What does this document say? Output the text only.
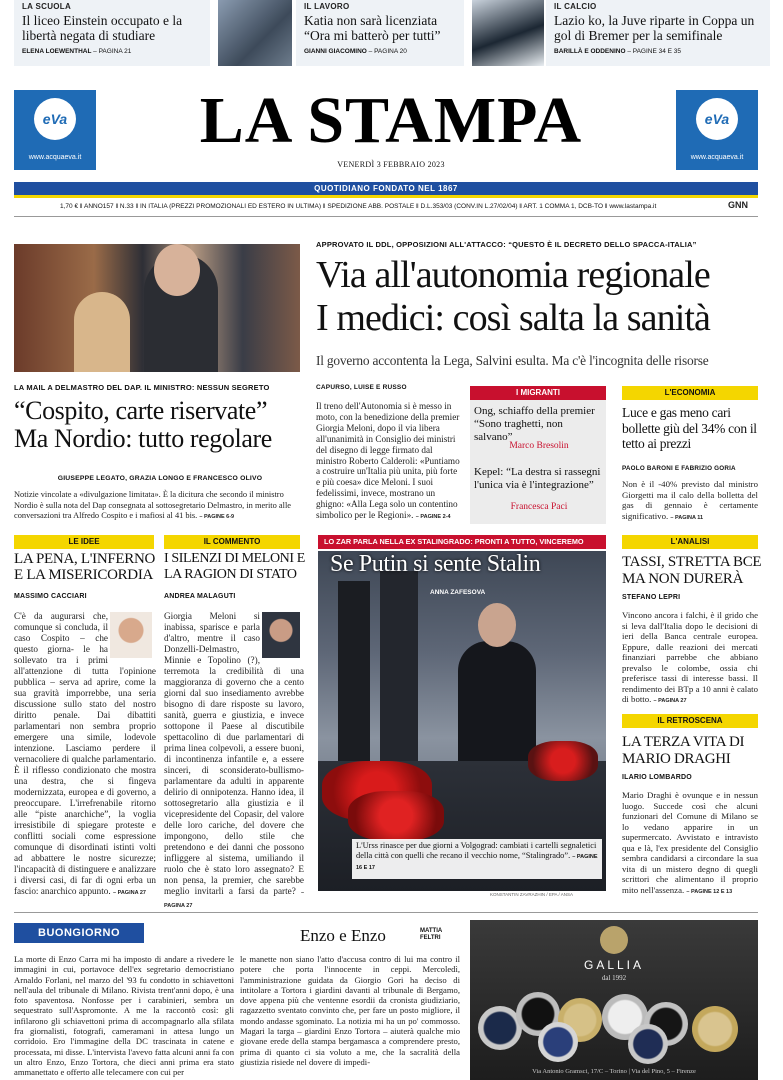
LA SCUOLA
Il liceo Einstein occupato e la libertà negata di studiare
ELENA LOEWENTHAL – PAGINA 21
IL LAVORO
Katia non sarà licenziata “Ora mi batterò per tutti”
GIANNI GIACOMINO – PAGINA 20
IL CALCIO
Lazio ko, la Juve riparte in Coppa un gol di Bremer per la semifinale
BARILLÀ E ODDENINO – PAGINE 34 E 35
eVa
www.acquaeva.it
LA STAMPA
VENERDÌ 3 FEBBRAIO 2023
eVa
www.acquaeva.it
QUOTIDIANO FONDATO NEL 1867
1,70 € ‖ ANNO157 ‖ N.33 ‖ IN ITALIA (PREZZI PROMOZIONALI ED ESTERO IN ULTIMA) ‖ SPEDIZIONE ABB. POSTALE ‖ D.L.353/03 (CONV.IN L.27/02/04) ‖ ART. 1 COMMA 1, DCB-TO ‖ www.lastampa.it	GNN
LA MAIL A DELMASTRO DEL DAP. IL MINISTRO: NESSUN SEGRETO
“Cospito, carte riservate” Ma Nordio: tutto regolare
GIUSEPPE LEGATO, GRAZIA LONGO E FRANCESCO OLIVO
Notizie vincolate a «divulgazione limitata». È la dicitura che secondo il ministro Nordio è sulla nota del Dap consegnata al sottosegretario Delmastro, in merito alle conversazioni tra Alfredo Cospito e i mafiosi al 41 bis. – PAGINE 6-9
LE IDEE
LA PENA, L'INFERNO E LA MISERICORDIA
MASSIMO CACCIARI
C'è da augurarsi che, comunque si concluda, il caso Cospito – che questo giorna- le ha sollevato tra i primi all'attenzione di tutta l'opinione pubblica – serva ad aprire, come la sua gravità imporrebbe, una seria discussione sullo stato del nostro diritto penale. Dai dibattiti parlamentari non sembra proprio emergere una simile, lodevole intenzione. Lasciamo perdere il vernacoliere di qualche parlamentario. È il riflesso condizionato che mostra una destra, che si fingeva modernizzata, europea e di governo, a preoccupare. L'irrefrenabile ritorno alle “piste anarchiche”, la voglia irresistibile di spiegare proteste e conflitti sociali come espressione comunque di disordinati istinti volti ad abbattere le nostre sicurezze; l'incapacità di distinguere e analizzare i diversi casi, di far di ogni erba un fascio: anarchico appunto. – PAGINA 27
IL COMMENTO
I SILENZI DI MELONI E LA RAGION DI STATO
ANDREA MALAGUTI
Giorgia Meloni si inabissa, sparisce e parla d'altro, mentre il caso Donzelli-Delmastro, Minnie e Topolino (?), terremota la credibilità di una maggioranza di governo che a cento giorni dal suo insediamento avrebbe bisogno di dare risposte su lavoro, sanità, guerra e giustizia, e invece sottopone il Paese al discutibile spettacolino di due parlamentari di prima linea colpevoli, a essere buoni, di incontinenza infantile e, a essere sinceri, di sconsiderato-bullismo-parlamentare da adulti in apparente delirio di onnipotenza. Hanno idea, il sottosegretario alla giustizia e il vicepresidente del Copasir, del valore delle loro cariche, del dovere che impongono, dello stile che pretendono e dei danni che possono infliggere al sistema, umiliando il ruolo che è stato loro assegnato? E non pensa, la premier, che sarebbe meglio invitarli a farsi da parte? – PAGINA 27
APPROVATO IL DDL, OPPOSIZIONI ALL'ATTACCO: “QUESTO È IL DECRETO DELLO SPACCA-ITALIA”
Via all'autonomia regionale
I medici: così salta la sanità
Il governo accontenta la Lega, Salvini esulta. Ma c'è l'incognita delle risorse
CAPURSO, LUISE E RUSSO
Il treno dell'Autonomia si è messo in moto, con la benedizione della premier Giorgia Meloni, dopo il via libera all'unanimità in Consiglio dei ministri del disegno di legge firmato dal ministro Roberto Calderoli: «Puntiamo a costruire un'Italia più unita, più forte e più coesa» dice Meloni. I suoi fedelissimi, invece, mostrano un ghigno: «Alla Lega solo un contentino simbolico per le Regioni». – PAGINE 2-4
I MIGRANTI
Ong, schiaffo della premier “Sono traghetti, non salvano”
Marco Bresolin
Kepel: “La destra si rassegni l'unica via è l'integrazione”
Francesca Paci
L'ECONOMIA
Luce e gas meno cari bollette giù del 34% con il tetto ai prezzi
PAOLO BARONI E FABRIZIO GORIA
Non è il -40% previsto dal ministro Giorgetti ma il calo della bolletta del gas di gennaio è certamente significativo. – PAGINA 11
LO ZAR PARLA NELLA EX STALINGRADO: PRONTI A TUTTO, VINCEREMO
Se Putin si sente Stalin
ANNA ZAFESOVA
L'Urss rinasce per due giorni a Volgograd: cambiati i cartelli segnaletici della città con quelli che recano il vecchio nome, “Stalingrado”. – PAGINE 16 E 17
KONSTANTIN ZAVRAZHIN / EPA / ANSA
L'ANALISI
TASSI, STRETTA BCE MA NON DURERÀ
STEFANO LEPRI
Vincono ancora i falchi, è il grido che si leva dall'Italia dopo le decisioni di ieri della Banca centrale europea. Eppure, dalle reazioni dei mercati finanziari parrebbe che abbiano prevalso le colombe, ossia chi preferisce tassi di interesse bassi. Il rendimento dei BTp a 10 anni è calato di botto. – PAGINA 27
IL RETROSCENA
LA TERZA VITA DI MARIO DRAGHI
ILARIO LOMBARDO
Mario Draghi è ovunque e in nessun luogo. Succede così che alcuni funzionari del Comune di Milano se lo vedano apparire in un supermercato. Avvistato e intravisto qua e là, l'ex presidente del Consiglio sembra candidarsi a circondare la sua vita di un mistero degno di quegli scrittori che alimentano il proprio mito nell'assenza. – PAGINE 12 E 13
BUONGIORNO	Enzo e Enzo	MATTIA FELTRI
La morte di Enzo Carra mi ha imposto di andare a rivedere le immagini in cui, portavoce dell'ex segretario democristiano Arnaldo Forlani, nel marzo del '93 fu condotto in schiavettoni nell'aula del tribunale di Milano. Rivista trent'anni dopo, è una foto spaventosa. Nonfosse per i carabinieri, sembra un sequestrato sull'Aspromonte. A me la raccontò così: gli infilarono gli schiavettoni prima di accompagnarlo alla sfilata fra giornalisti, fotografi, cameramani in attesa lungo un corridoio. Ero l'immagine della DC trascinata in catene e processata, mi disse. L'intervista l'avevo fatta alcuni anni fa con un altro Enzo, Enzo Tortora, che dieci anni prima era stato ammanettato e offerto alle telecamere con cui per
le manette non siano l'atto d'accusa contro di lui ma contro il potere che porta l'innocente in ceppi. Mercoledì, l'amministrazione guidata da Giorgio Gori ha deciso di intitolare a Tortora i giardini davanti al tribunale di Bergamo, dove appena più che ventenne esordii da cronista giudiziario, ragazzetto sventato convinto che, per fare un posto migliore, il mondo andasse sgominato. La notizia mi ha un po' commosso. Magari la targa – giardini Enzo Tortora – aiuterà qualche mio giovane erede della stampa bergamasca a comprendere presto, prima di quanto ci sia voluto a me, che la sacralità della giustizia risiede nel dovere di impedi-
GALLIA
dal 1992
Via Antonio Gramsci, 17/C – Torino | Via del Pino, 5 – Firenze
